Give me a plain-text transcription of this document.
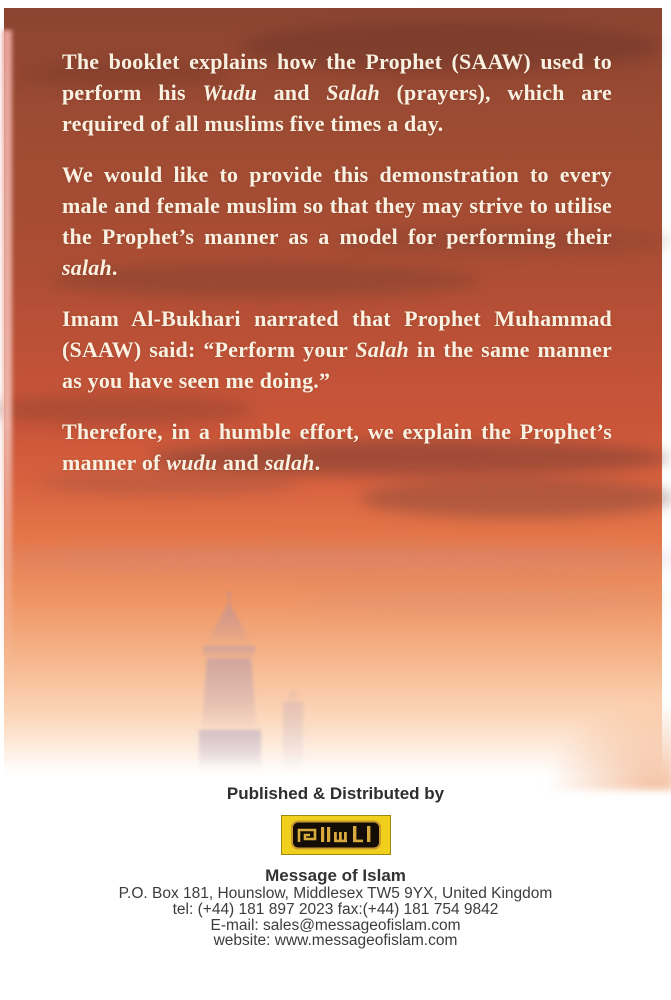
The booklet explains how the Prophet (SAAW) used to perform his Wudu and Salah (prayers), which are required of all muslims five times a day.

We would like to provide this demonstration to every male and female muslim so that they may strive to utilise the Prophet’s manner as a model for performing their salah.

Imam Al-Bukhari narrated that Prophet Muhammad (SAAW) said: “Perform your Salah in the same manner as you have seen me doing.”

Therefore, in a humble effort, we explain the Prophet’s manner of wudu and salah.

Published & Distributed by
Message of Islam
P.O. Box 181, Hounslow, Middlesex TW5 9YX, United Kingdom
tel: (+44) 181 897 2023 fax:(+44) 181 754 9842
E-mail: sales@messageofislam.com
website: www.messageofislam.com
